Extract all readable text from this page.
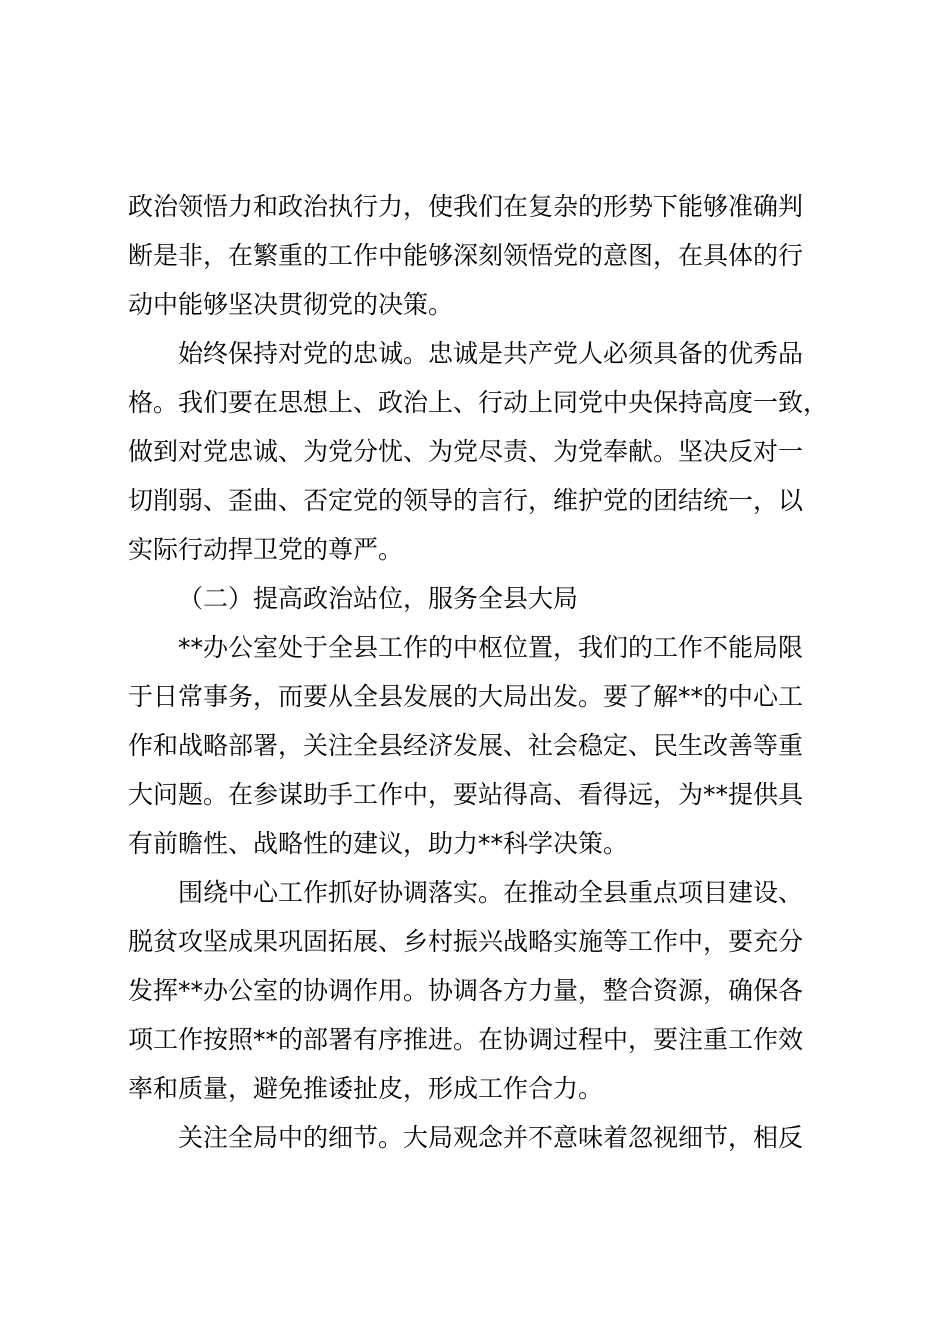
政治领悟力和政治执行力，使我们在复杂的形势下能够准确判
断是非，在繁重的工作中能够深刻领悟党的意图，在具体的行
动中能够坚决贯彻党的决策。
始终保持对党的忠诚。忠诚是共产党人必须具备的优秀品
格。我们要在思想上、政治上、行动上同党中央保持高度一致，
做到对党忠诚、为党分忧、为党尽责、为党奉献。坚决反对一
切削弱、歪曲、否定党的领导的言行，维护党的团结统一，以
实际行动捍卫党的尊严。
（二）提高政治站位，服务全县大局
**办公室处于全县工作的中枢位置，我们的工作不能局限
于日常事务，而要从全县发展的大局出发。要了解**的中心工
作和战略部署，关注全县经济发展、社会稳定、民生改善等重
大问题。在参谋助手工作中，要站得高、看得远，为**提供具
有前瞻性、战略性的建议，助力**科学决策。
围绕中心工作抓好协调落实。在推动全县重点项目建设、
脱贫攻坚成果巩固拓展、乡村振兴战略实施等工作中，要充分
发挥**办公室的协调作用。协调各方力量，整合资源，确保各
项工作按照**的部署有序推进。在协调过程中，要注重工作效
率和质量，避免推诿扯皮，形成工作合力。
关注全局中的细节。大局观念并不意味着忽视细节，相反
